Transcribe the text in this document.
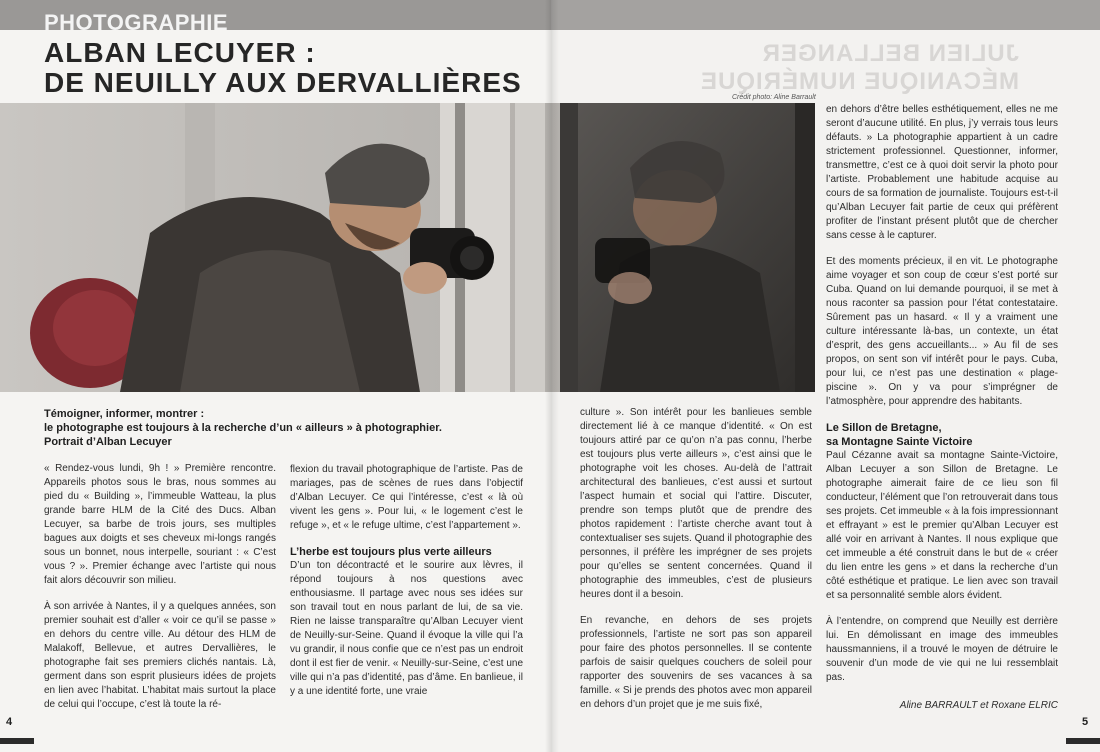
PHOTOGRAPHIE
ALBAN LECUYER :
DE NEUILLY AUX DERVALLIÈRES
JULIEN BELLANGER
MÉCANIQUE NUMÉRIQUE
Crédit photo: Aline Barrault
Témoigner, informer, montrer :
le photographe est toujours à la recherche d’un « ailleurs » à photographier.
Portrait d’Alban Lecuyer

« Rendez-vous lundi, 9h ! » Première rencontre. Appareils photos sous le bras, nous sommes au pied du « Building », l’immeuble Watteau, la plus grande barre HLM de la Cité des Ducs. Alban Lecuyer, sa barbe de trois jours, ses multiples bagues aux doigts et ses cheveux mi-longs rangés sous un bonnet, nous interpelle, souriant : « C’est vous ? ». Premier échange avec l’artiste qui nous fait alors découvrir son milieu.

À son arrivée à Nantes, il y a quelques années, son premier souhait est d’aller « voir ce qu’il se passe » en dehors du centre ville. Au détour des HLM de Malakoff, Bellevue, et autres Dervallières, le photographe fait ses premiers clichés nantais. Là, germent dans son esprit plusieurs idées de projets en lien avec l’habitat. L’habitat mais surtout la place de celui qui l’occupe, c’est là toute la ré-

flexion du travail photographique de l’artiste. Pas de mariages, pas de scènes de rues dans l’objectif d’Alban Lecuyer. Ce qui l’intéresse, c’est « là où vivent les gens ». Pour lui, « le logement c’est le refuge », et « le refuge ultime, c’est l’appartement ».

L’herbe est toujours plus verte ailleurs

D’un ton décontracté et le sourire aux lèvres, il répond toujours à nos questions avec enthousiasme. Il partage avec nous ses idées sur son travail tout en nous parlant de lui, de sa vie. Rien ne laisse transparaître qu’Alban Lecuyer vient de Neuilly-sur-Seine. Quand il évoque la ville qui l’a vu grandir, il nous confie que ce n’est pas un endroit dont il est fier de venir. « Neuilly-sur-Seine, c’est une ville qui n’a pas d’identité, pas d’âme. En banlieue, il y a une identité forte, une vraie

culture ». Son intérêt pour les banlieues semble directement lié à ce manque d’identité. « On est toujours attiré par ce qu’on n’a pas connu, l’herbe est toujours plus verte ailleurs », c’est ainsi que le photographe voit les choses. Au-delà de l’attrait architectural des banlieues, c’est aussi et surtout l’aspect humain et social qui l’attire. Discuter, prendre son temps plutôt que de prendre des photos rapidement : l’artiste cherche avant tout à contextualiser ses sujets. Quand il photographie des personnes, il préfère les imprégner de ses projets pour qu’elles se sentent concernées. Quand il photographie des immeubles, c’est de plusieurs heures dont il a besoin.

En revanche, en dehors de ses projets professionnels, l’artiste ne sort pas son appareil pour faire des photos personnelles. Il se contente parfois de saisir quelques couchers de soleil pour rapporter des souvenirs de ses vacances à sa famille. « Si je prends des photos avec mon appareil en dehors d’un projet que je me suis fixé,

en dehors d’être belles esthétiquement, elles ne me seront d’aucune utilité. En plus, j’y verrais tous leurs défauts. » La photographie appartient à un cadre strictement professionnel. Questionner, informer, transmettre, c’est ce à quoi doit servir la photo pour l’artiste. Probablement une habitude acquise au cours de sa formation de journaliste. Toujours est-t-il qu’Alban Lecuyer fait partie de ceux qui préfèrent profiter de l’instant présent plutôt que de chercher sans cesse à le capturer.

Et des moments précieux, il en vit. Le photographe aime voyager et son coup de cœur s’est porté sur Cuba. Quand on lui demande pourquoi, il se met à nous raconter sa passion pour l’état contestataire. Sûrement pas un hasard. « Il y a vraiment une culture intéressante là-bas, un contexte, un état d’esprit, des gens accueillants... » Au fil de ses propos, on sent son vif intérêt pour le pays. Cuba, pour lui, ce n’est pas une destination « plage-piscine ». On y va pour s’imprégner de l’atmosphère, pour apprendre des habitants.

Le Sillon de Bretagne,
sa Montagne Sainte Victoire

Paul Cézanne avait sa montagne Sainte-Victoire, Alban Lecuyer a son Sillon de Bretagne. Le photographe aimerait faire de ce lieu son fil conducteur, l’élément que l’on retrouverait dans tous ses projets. Cet immeuble « à la fois impressionnant et effrayant » est le premier qu’Alban Lecuyer est allé voir en arrivant à Nantes. Il nous explique que cet immeuble a été construit dans le but de « créer du lien entre les gens » et dans la recherche d’un côté esthétique et pratique. Le lien avec son travail et sa personnalité semble alors évident.

À l’entendre, on comprend que Neuilly est derrière lui. En démolissant en image des immeubles haussmanniens, il a trouvé le moyen de détruire le souvenir d’un mode de vie qui ne lui ressemblait pas.

Aline BARRAULT et Roxane ELRIC
4	5
